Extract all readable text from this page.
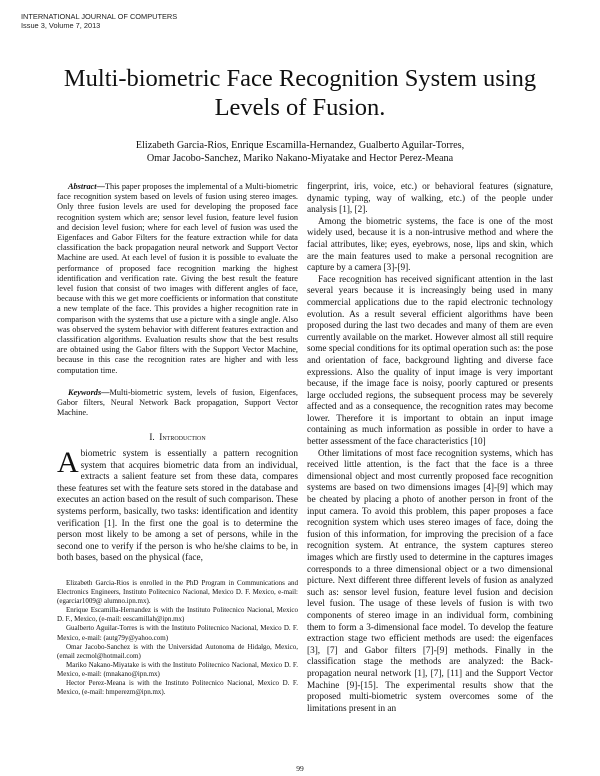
INTERNATIONAL JOURNAL OF COMPUTERS
Issue 3, Volume 7, 2013
Multi-biometric Face Recognition System using
Levels of Fusion.
Elizabeth Garcia-Rios, Enrique Escamilla-Hernandez, Gualberto Aguilar-Torres,
Omar Jacobo-Sanchez, Mariko Nakano-Miyatake and Hector Perez-Meana

Abstract—This paper proposes the implemental of a Multi-biometric face recognition system based on levels of fusion using stereo images. Only three fusion levels are used for developing the proposed face recognition system which are; sensor level fusion, feature level fusion and decision level fusion; where for each level of fusion was used the Eigenfaces and Gabor Filters for the feature extraction while for data classification the back propagation neural network and Support Vector Machine are used. At each level of fusion it is possible to evaluate the performance of proposed face recognition marking the highest identification and verification rate. Giving the best result the feature level fusion that consist of two images with different angles of face, because with this we get more coefficients or information that constitute a new template of the face. This provides a higher recognition rate in comparison with the systems that use a picture with a single angle. Also was observed the system behavior with different features extraction and classification algorithms. Evaluation results show that the best results are obtained using the Gabor filters with the Support Vector Machine, because in this case the recognition rates are higher and with less computation time.

Keywords—Multi-biometric system, levels of fusion, Eigenfaces, Gabor filters, Neural Network Back propagation, Support Vector Machine.

I. Introduction

Abiometric system is essentially a pattern recognition system that acquires biometric data from an individual, extracts a salient feature set from these data, compares these features set with the feature sets stored in the database and executes an action based on the result of such comparison. These systems perform, basically, two tasks: identification and identity verification [1]. In the first one the goal is to determine the person most likely to be among a set of persons, while in the second one to verify if the person is who he/she claims to be, in both bases, based on the physical (face,

Elizabeth Garcia-Rios is enrolled in the PhD Program in Communications and Electronics Engineers, Instituto Politecnico Nacional, Mexico D. F. Mexico, e-mail: (egarciar1009@ alumno.ipn.mx).

Enrique Escamilla-Hernandez is with the Instituto Politecnico Nacional, Mexico D. F., Mexico, (e-mail: eescamillah@ipn.mx)

Gualberto Aguilar-Torres is with the Instituto Politecnico Nacional, Mexico D. F. Mexico, e-mail: (autg79y@yahoo.com)

Omar Jacobo-Sanchez is with the Universidad Autonoma de Hidalgo, Mexico, (email zecmol@hotmail.com)

Mariko Nakano-Miyatake is with the Instituto Politecnico Nacional, Mexico D. F. Mexico, e-mail: (mnakano@ipn.mx)

Hector Perez-Meana is with the Instituto Politecnico Nacional, Mexico D. F. Mexico, (e-mail: hmperezm@ipn.mx).

fingerprint, iris, voice, etc.) or behavioral features (signature, dynamic typing, way of walking, etc.) of the people under analysis [1], [2].

Among the biometric systems, the face is one of the most widely used, because it is a non-intrusive method and where the facial attributes, like; eyes, eyebrows, nose, lips and skin, which are the main features used to make a personal recognition are capture by a camera [3]-[9].

Face recognition has received significant attention in the last several years because it is increasingly being used in many commercial applications due to the rapid electronic technology evolution. As a result several efficient algorithms have been proposed during the last two decades and many of them are even currently available on the market. However almost all still require some special conditions for its optimal operation such as: the pose and orientation of face, background lighting and diverse face expressions. Also the quality of input image is very important because, if the image face is noisy, poorly captured or presents large occluded regions, the subsequent process may be severely affected and as a consequence, the recognition rates may become lower. Therefore it is important to obtain an input image containing as much information as possible in order to have a better assessment of the face characteristics [10]

Other limitations of most face recognition systems, which has received little attention, is the fact that the face is a three dimensional object and most currently proposed face recognition systems are based on two dimensions images [4]-[9] which may be cheated by placing a photo of another person in front of the input camera. To avoid this problem, this paper proposes a face recognition system which uses stereo images of face, doing the fusion of this information, for improving the precision of a face recognition system. At entrance, the system captures stereo images which are firstly used to determine in the captures images corresponds to a three dimensional object or a two dimensional picture. Next different three different levels of fusion as analyzed such as: sensor level fusion, feature level fusion and decision level fusion. The usage of these levels of fusion is with two components of stereo image in an individual form, combining them to form a 3-dimensional face model. To develop the feature extraction stage two efficient methods are used: the eigenfaces [3], [7] and Gabor filters [7]-[9] methods. Finally in the classification stage the methods are analyzed: the Back-propagation neural network [1], [7], [11] and the Support Vector Machine [9]-[15]. The experimental results show that the proposed multi-biometric system overcomes some of the limitations present in an

99
